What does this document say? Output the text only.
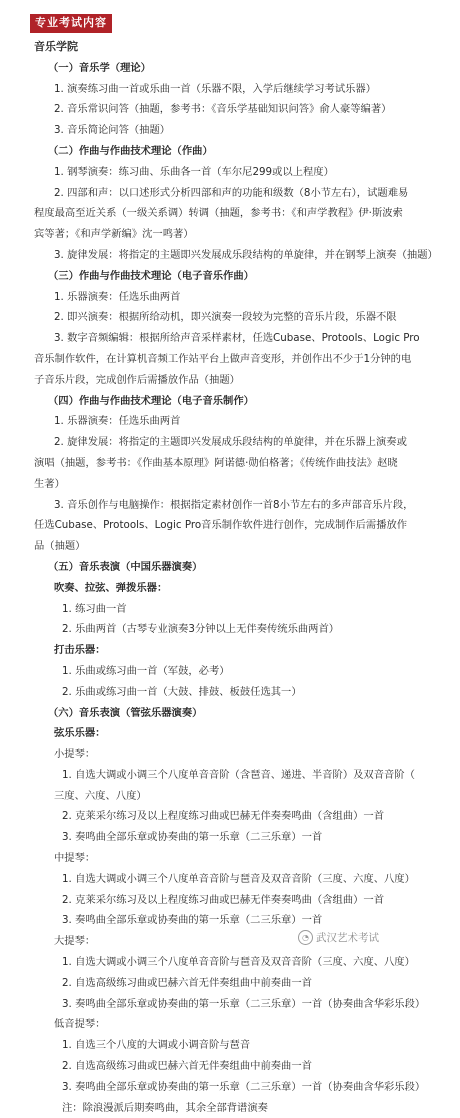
专业考试内容
音乐学院
（一）音乐学（理论）
1. 演奏练习曲一首或乐曲一首（乐器不限，入学后继续学习考试乐器）
2. 音乐常识问答（抽题，参考书：《音乐学基础知识问答》俞人豪等编著）
3. 音乐简论问答（抽题）
（二）作曲与作曲技术理论（作曲）
1. 钢琴演奏：练习曲、乐曲各一首（车尔尼299或以上程度）
2. 四部和声：以口述形式分析四部和声的功能和级数（8小节左右），试题难易
程度最高至近关系（一级关系调）转调（抽题，参考书：《和声学教程》伊·斯波索
宾等著；《和声学新编》沈一鸣著）
3. 旋律发展：将指定的主题即兴发展成乐段结构的单旋律，并在钢琴上演奏（抽题）
（三）作曲与作曲技术理论（电子音乐作曲）
1. 乐器演奏：任选乐曲两首
2. 即兴演奏：根据所给动机，即兴演奏一段较为完整的音乐片段，乐器不限
3. 数字音频编辑：根据所给声音采样素材，任选Cubase、Protools、Logic Pro
音乐制作软件，在计算机音频工作站平台上做声音变形，并创作出不少于1分钟的电
子音乐片段，完成创作后需播放作品（抽题）
（四）作曲与作曲技术理论（电子音乐制作）
1. 乐器演奏：任选乐曲两首
2. 旋律发展：将指定的主题即兴发展成乐段结构的单旋律，并在乐器上演奏或
演唱（抽题，参考书：《作曲基本原理》阿诺德·勋伯格著；《传统作曲技法》赵晓
生著）
3. 音乐创作与电脑操作：根据指定素材创作一首8小节左右的多声部音乐片段，
任选Cubase、Protools、Logic Pro音乐制作软件进行创作，完成制作后需播放作
品（抽题）
（五）音乐表演（中国乐器演奏）
吹奏、拉弦、弹拨乐器：
1. 练习曲一首
2. 乐曲两首（古琴专业演奏3分钟以上无伴奏传统乐曲两首）
打击乐器：
1. 乐曲或练习曲一首（军鼓，必考）
2. 乐曲或练习曲一首（大鼓、排鼓、板鼓任选其一）
（六）音乐表演（管弦乐器演奏）
弦乐乐器：
小提琴：
1. 自选大调或小调三个八度单音音阶（含琶音、递进、半音阶）及双音音阶（
三度、六度、八度）
2. 克莱采尔练习及以上程度练习曲或巴赫无伴奏奏鸣曲（含组曲）一首
3. 奏鸣曲全部乐章或协奏曲的第一乐章（二三乐章）一首
中提琴：
1. 自选大调或小调三个八度单音音阶与琶音及双音音阶（三度、六度、八度）
2. 克莱采尔练习及以上程度练习曲或巴赫无伴奏奏鸣曲（含组曲）一首
3. 奏鸣曲全部乐章或协奏曲的第一乐章（二三乐章）一首
大提琴：
1. 自选大调或小调三个八度单音音阶与琶音及双音音阶（三度、六度、八度）
2. 自选高级练习曲或巴赫六首无伴奏组曲中前奏曲一首
3. 奏鸣曲全部乐章或协奏曲的第一乐章（二三乐章）一首（协奏曲含华彩乐段）
低音提琴：
1. 自选三个八度的大调或小调音阶与琶音
2. 自选高级练习曲或巴赫六首无伴奏组曲中前奏曲一首
3. 奏鸣曲全部乐章或协奏曲的第一乐章（二三乐章）一首（协奏曲含华彩乐段）
注：除浪漫派后期奏鸣曲，其余全部背谱演奏
◔ 武汉艺术考试
